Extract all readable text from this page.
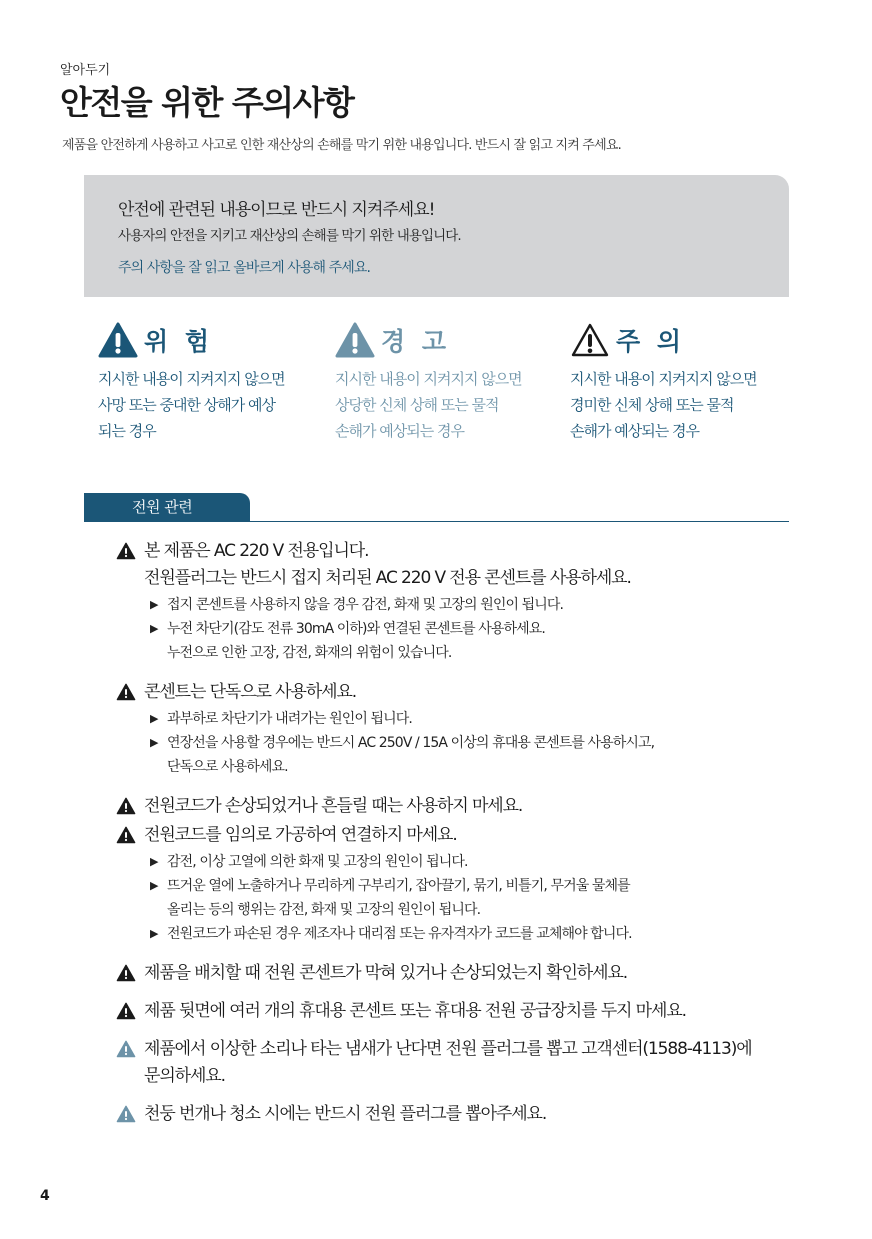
알아두기
안전을 위한 주의사항
제품을 안전하게 사용하고 사고로 인한 재산상의 손해를 막기 위한 내용입니다. 반드시 잘 읽고 지켜 주세요.
안전에 관련된 내용이므로 반드시 지켜주세요!
사용자의 안전을 지키고 재산상의 손해를 막기 위한 내용입니다.
주의 사항을 잘 읽고 올바르게 사용해 주세요.
위 험
지시한 내용이 지켜지지 않으면
사망 또는 중대한 상해가 예상
되는 경우
경 고
지시한 내용이 지켜지지 않으면
상당한 신체 상해 또는 물적
손해가 예상되는 경우
주 의
지시한 내용이 지켜지지 않으면
경미한 신체 상해 또는 물적
손해가 예상되는 경우
전원 관련
본 제품은 AC 220 V 전용입니다.
전원플러그는 반드시 접지 처리된 AC 220 V 전용 콘센트를 사용하세요.
▶ 접지 콘센트를 사용하지 않을 경우 감전, 화재 및 고장의 원인이 됩니다.
▶ 누전 차단기(감도 전류 30mA 이하)와 연결된 콘센트를 사용하세요.
누전으로 인한 고장, 감전, 화재의 위험이 있습니다.
콘센트는 단독으로 사용하세요.
▶ 과부하로 차단기가 내려가는 원인이 됩니다.
▶ 연장선을 사용할 경우에는 반드시 AC 250V / 15A 이상의 휴대용 콘센트를 사용하시고,
단독으로 사용하세요.
전원코드가 손상되었거나 흔들릴 때는 사용하지 마세요.
전원코드를 임의로 가공하여 연결하지 마세요.
▶ 감전, 이상 고열에 의한 화재 및 고장의 원인이 됩니다.
▶ 뜨거운 열에 노출하거나 무리하게 구부리기, 잡아끌기, 묶기, 비틀기, 무거울 물체를
올리는 등의 행위는 감전, 화재 및 고장의 원인이 됩니다.
▶ 전원코드가 파손된 경우 제조자나 대리점 또는 유자격자가 코드를 교체해야 합니다.
제품을 배치할 때 전원 콘센트가 막혀 있거나 손상되었는지 확인하세요.
제품 뒷면에 여러 개의 휴대용 콘센트 또는 휴대용 전원 공급장치를 두지 마세요.
제품에서 이상한 소리나 타는 냄새가 난다면 전원 플러그를 뽑고 고객센터(1588-4113)에
문의하세요.
천둥 번개나 청소 시에는 반드시 전원 플러그를 뽑아주세요.
4
